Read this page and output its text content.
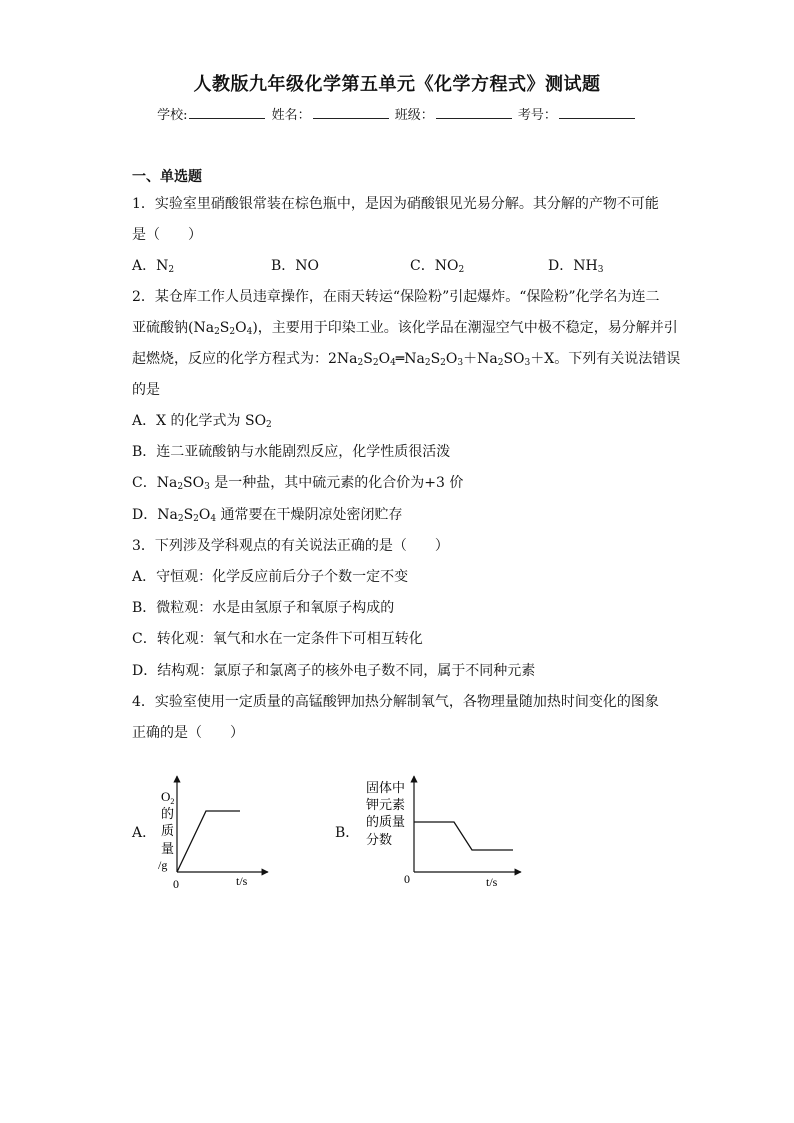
人教版九年级化学第五单元《化学方程式》测试题
学校:	姓名：	班级：	考号：
一、单选题
1．实验室里硝酸银常装在棕色瓶中，是因为硝酸银见光易分解。其分解的产物不可能
是（　　）
A．$N_2$	B．NO	C．$NO_2$	D．$NH_3$
2．某仓库工作人员违章操作，在雨天转运“保险粉”引起爆炸。“保险粉”化学名为连二
亚硫酸钠$(Na_2S_2O_4)$，主要用于印染工业。该化学品在潮湿空气中极不稳定，易分解并引
起燃烧，反应的化学方程式为：$2Na_2S_2O_4═Na_2S_2O_3+Na_2SO_3+X$。下列有关说法错误
的是
A．X 的化学式为 $SO_2$
B．连二亚硫酸钠与水能剧烈反应，化学性质很活泼
C．$Na_2SO_3$ 是一种盐，其中硫元素的化合价为+3 价
D．$Na_2S_2O_4$ 通常要在干燥阴凉处密闭贮存
3．下列涉及学科观点的有关说法正确的是（　　）
A．守恒观：化学反应前后分子个数一定不变
B．微粒观：水是由氢原子和氧原子构成的
C．转化观：氧气和水在一定条件下可相互转化
D．结构观：氯原子和氯离子的核外电子数不同，属于不同种元素
4．实验室使用一定质量的高锰酸钾加热分解制氧气，各物理量随加热时间变化的图象
正确的是（　　）
A．	B．
$O_2$
的
质
量
/g
0	t/s
固体中
钾元素
的质量
分数
0	t/s
